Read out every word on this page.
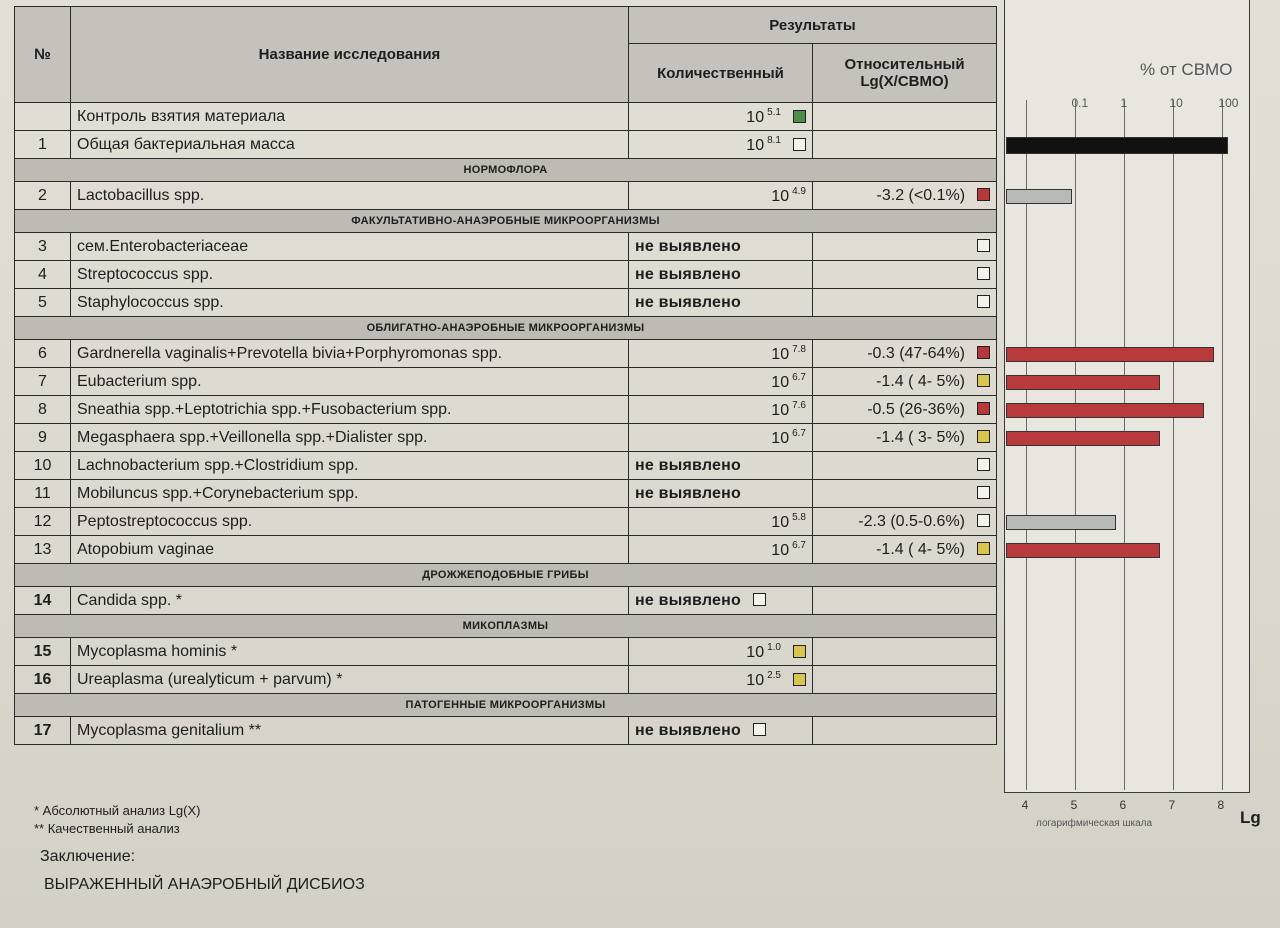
№	Название исследования	Результаты	
		Количественный	Относительный
Lg(X/СВМО)
	Контроль взятия материала	10 $^{5.1}$	
1	Общая бактериальная масса	10 $^{8.1}$	
НОРМОФЛОРА			
2	Lactobacillus spp.	10 $^{4.9}$	-3.2 (<0.1%)
ФАКУЛЬТАТИВНО-АНАЭРОБНЫЕ МИКРООРГАНИЗМЫ			
3	сем.Enterobacteriaceae	не выявлено	
4	Streptococcus spp.	не выявлено	
5	Staphylococcus spp.	не выявлено	
ОБЛИГАТНО-АНАЭРОБНЫЕ МИКРООРГАНИЗМЫ			
6	Gardnerella vaginalis+Prevotella bivia+Porphyromonas spp.	10 $^{7.8}$	-0.3 (47-64%)
7	Eubacterium spp.	10 $^{6.7}$	-1.4 ( 4- 5%)
8	Sneathia spp.+Leptotrichia spp.+Fusobacterium spp.	10 $^{7.6}$	-0.5 (26-36%)
9	Megasphaera spp.+Veillonella spp.+Dialister spp.	10 $^{6.7}$	-1.4 ( 3- 5%)
10	Lachnobacterium spp.+Clostridium spp.	не выявлено	
11	Mobiluncus spp.+Corynebacterium spp.	не выявлено	
12	Peptostreptococcus spp.	10 $^{5.8}$	-2.3 (0.5-0.6%)
13	Atopobium vaginae	10 $^{6.7}$	-1.4 ( 4- 5%)
ДРОЖЖЕПОДОБНЫЕ ГРИБЫ			
14	Candida spp. *	не выявлено	
МИКОПЛАЗМЫ			
15	Mycoplasma hominis *	10 $^{1.0}$	
16	Ureaplasma (urealyticum + parvum) *	10 $^{2.5}$	
ПАТОГЕННЫЕ МИКРООРГАНИЗМЫ			
17	Mycoplasma genitalium **	не выявлено	
% от СВМО
4	5	6	7	8
0.1	1	10	100
логарифмическая шкала	Lg
* Абсолютный анализ Lg(X)
** Качественный анализ
Заключение:
ВЫРАЖЕННЫЙ АНАЭРОБНЫЙ ДИСБИОЗ
